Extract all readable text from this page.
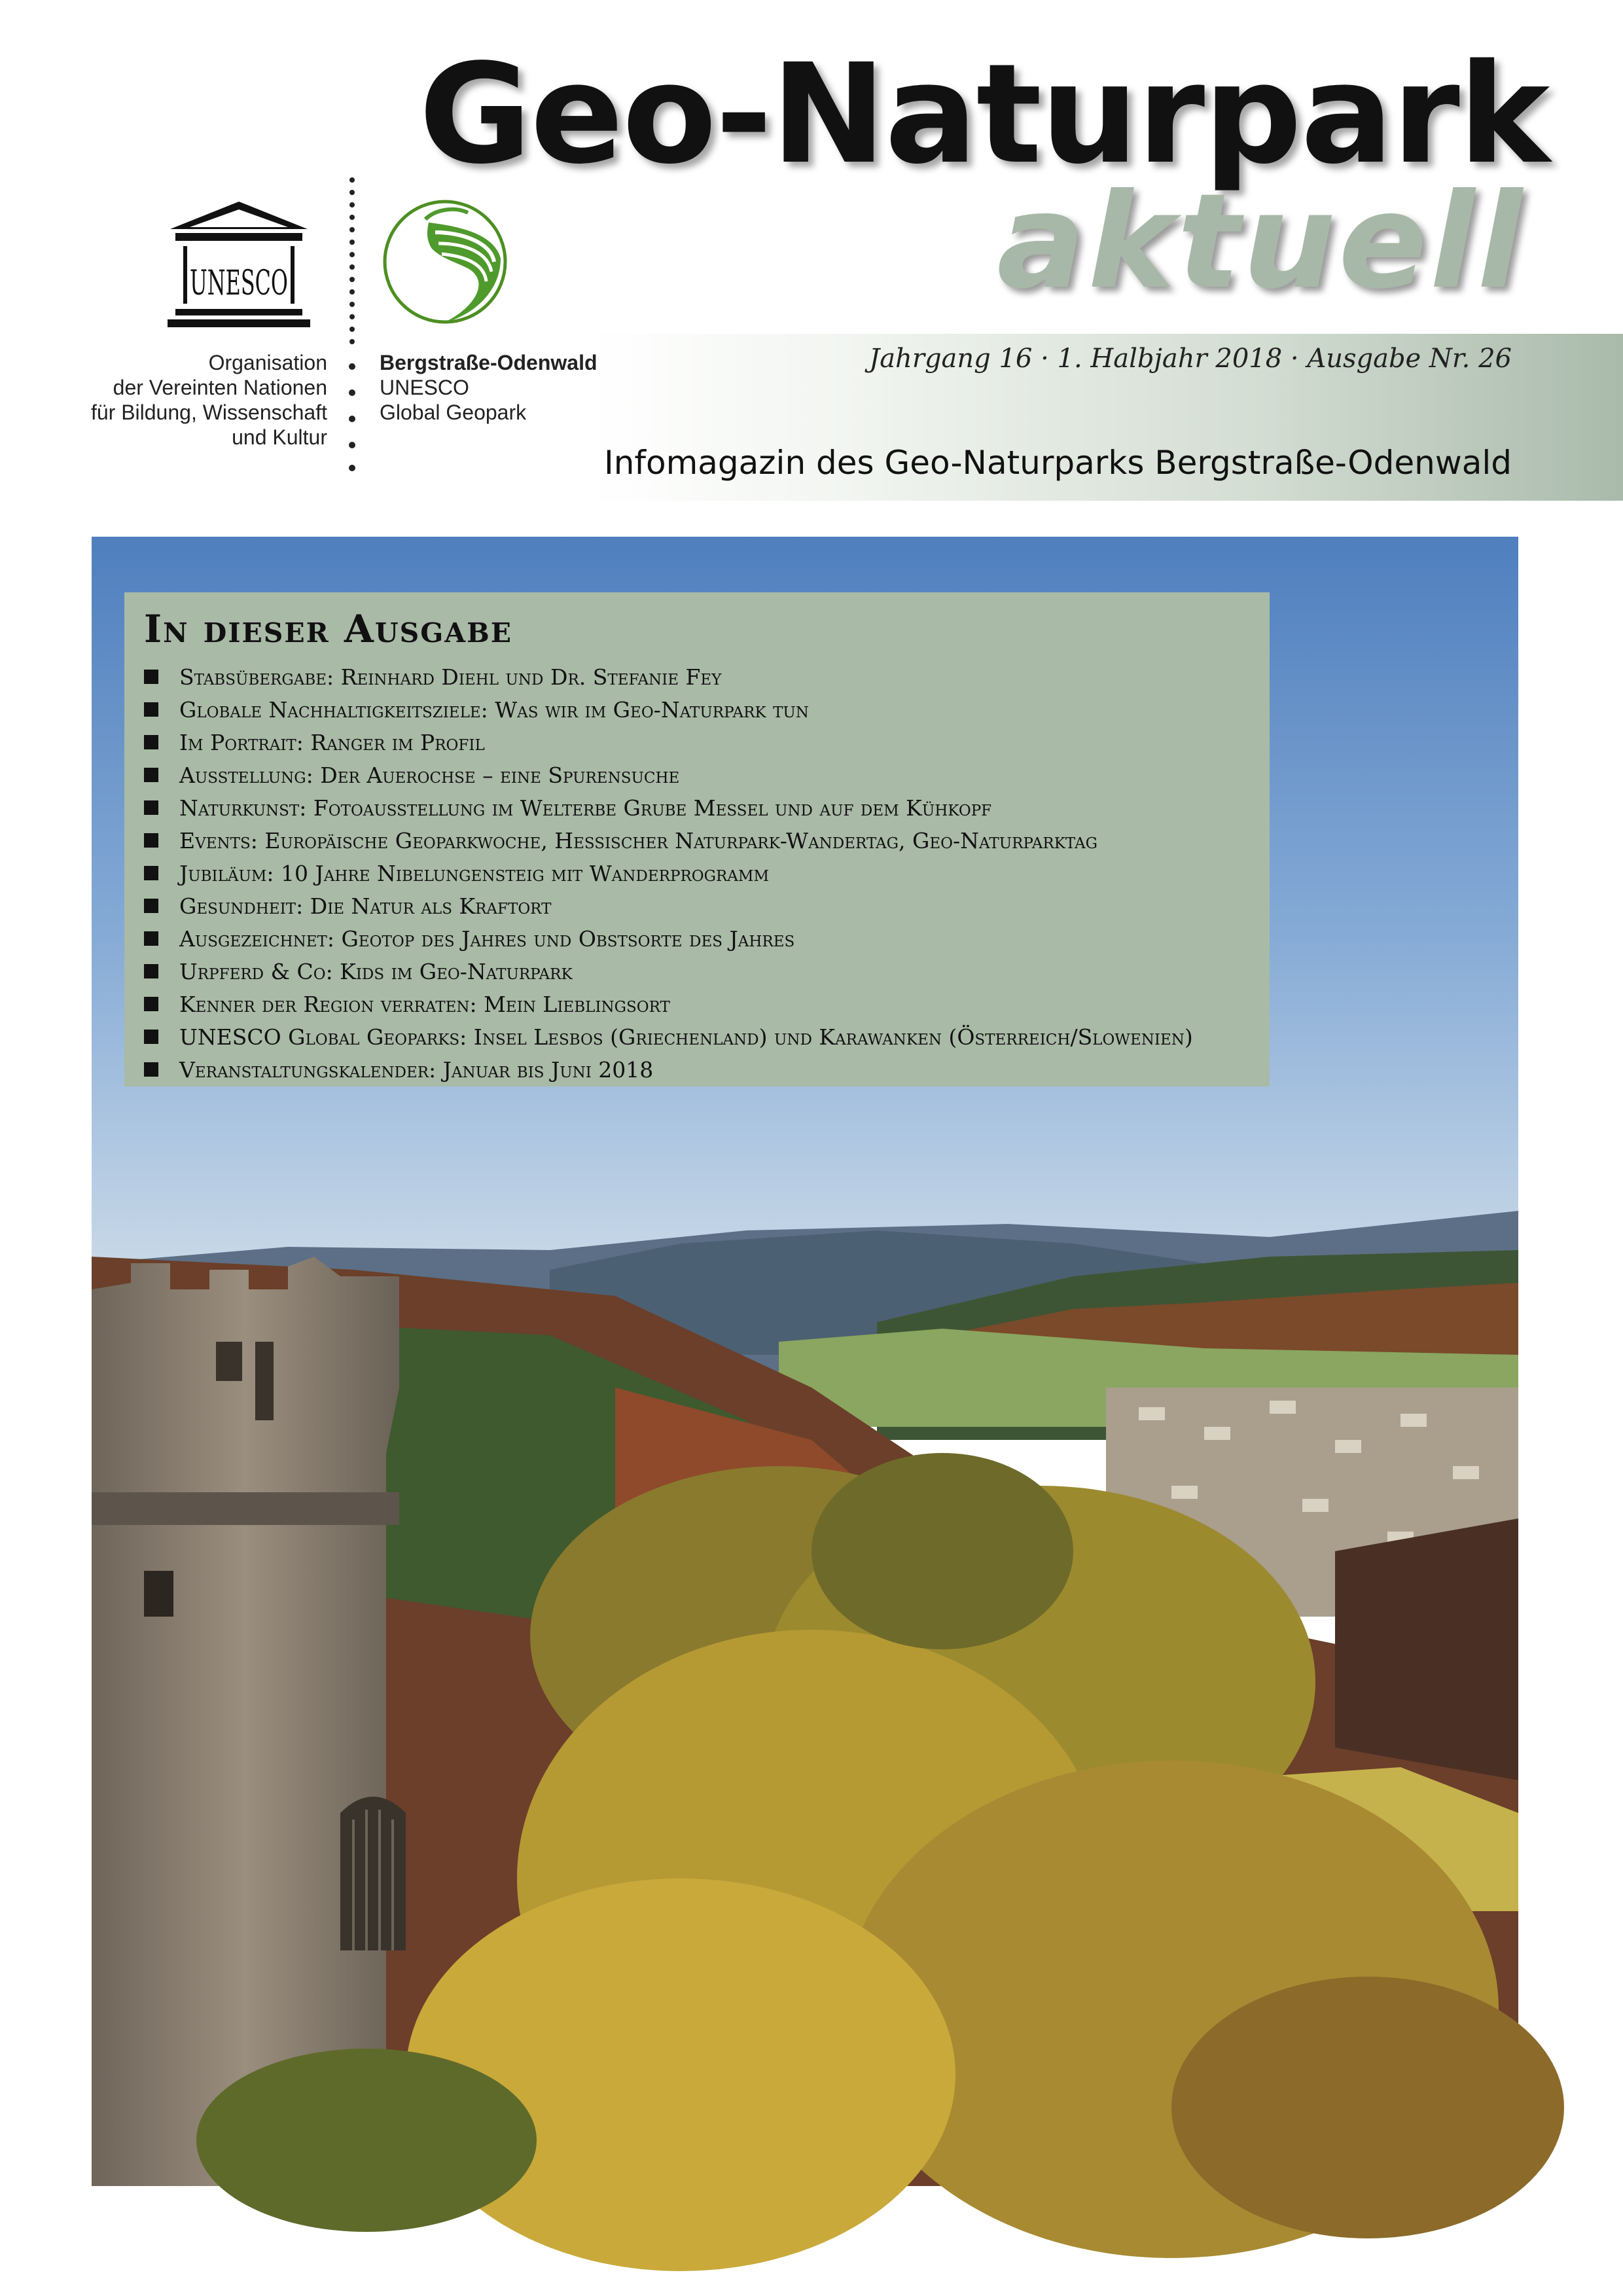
Geo-Naturpark
aktuell
Jahrgang 16 · 1. Halbjahr 2018 · Ausgabe Nr. 26
Infomagazin des Geo-Naturparks Bergstraße-Odenwald
UNESCO
Organisation
der Vereinten Nationen
für Bildung, Wissenschaft
und Kultur
Bergstraße-Odenwald
UNESCO
Global Geopark
In dieser Ausgabe
Stabsübergabe: Reinhard Diehl und Dr. Stefanie Fey
Globale Nachhaltigkeitsziele: Was wir im Geo-Naturpark tun
Im Portrait: Ranger im Profil
Ausstellung: Der Auerochse – eine Spurensuche
Naturkunst: Fotoausstellung im Welterbe Grube Messel und auf dem Kühkopf
Events: Europäische Geoparkwoche, Hessischer Naturpark-Wandertag, Geo-Naturparktag
Jubiläum: 10 Jahre Nibelungensteig mit Wanderprogramm
Gesundheit: Die Natur als Kraftort
Ausgezeichnet: Geotop des Jahres und Obstsorte des Jahres
Urpferd & Co: Kids im Geo-Naturpark
Kenner der Region verraten: Mein Lieblingsort
UNESCO Global Geoparks: Insel Lesbos (Griechenland) und Karawanken (Österreich/Slowenien)
Veranstaltungskalender: Januar bis Juni 2018
